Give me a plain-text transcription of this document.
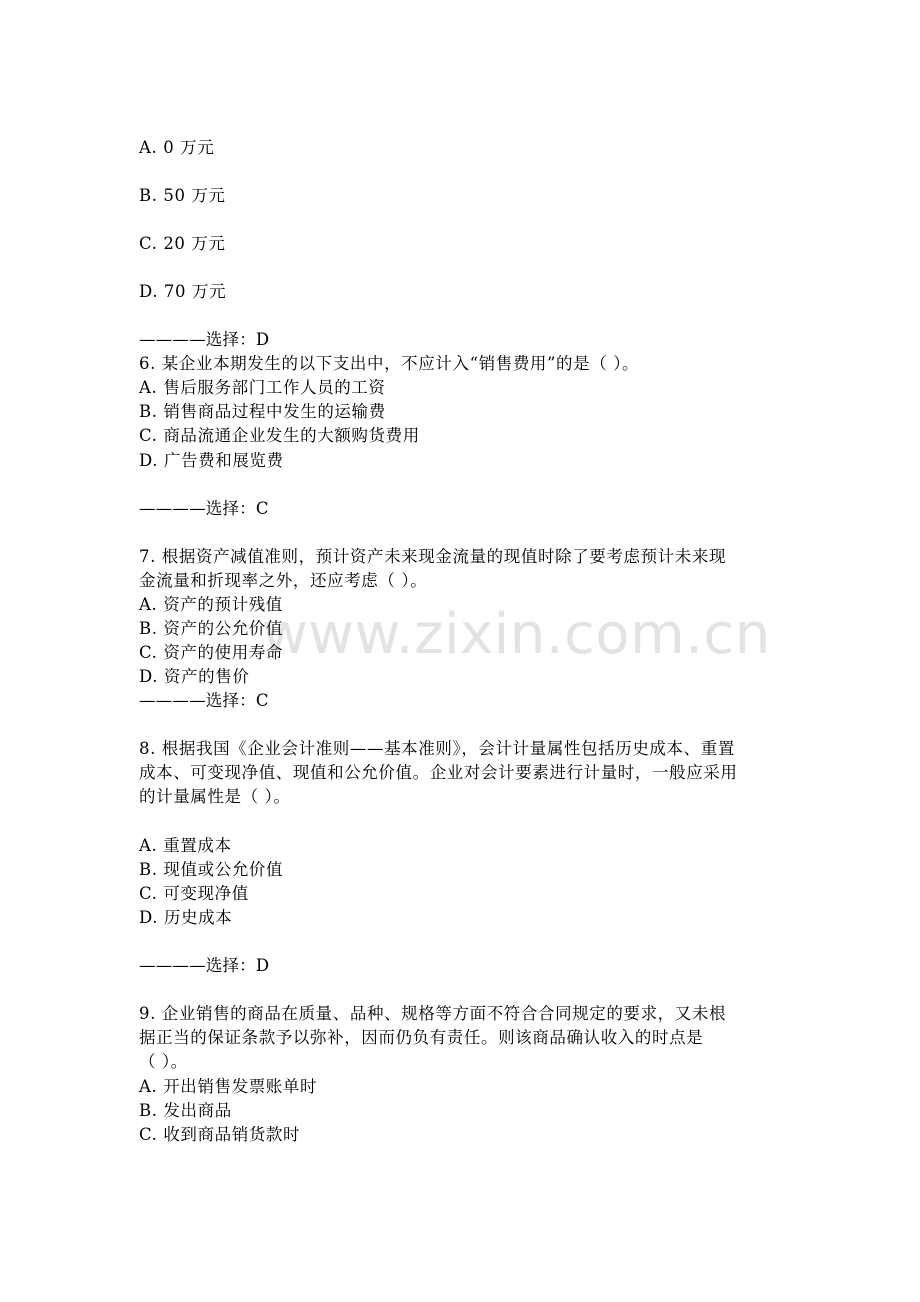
www.zixin.com.cn
A. 0 万元
B. 50 万元
C. 20 万元
D. 70 万元
————选择：D
6. 某企业本期发生的以下支出中，不应计入“销售费用”的是（ ）。
A. 售后服务部门工作人员的工资
B. 销售商品过程中发生的运输费
C. 商品流通企业发生的大额购货费用
D. 广告费和展览费
————选择：C
7. 根据资产减值准则，预计资产未来现金流量的现值时除了要考虑预计未来现
金流量和折现率之外，还应考虑（ ）。
A. 资产的预计残值
B. 资产的公允价值
C. 资产的使用寿命
D. 资产的售价
————选择：C
8. 根据我国《企业会计准则——基本准则》，会计计量属性包括历史成本、重置
成本、可变现净值、现值和公允价值。企业对会计要素进行计量时，一般应采用
的计量属性是（ ）。
A. 重置成本
B. 现值或公允价值
C. 可变现净值
D. 历史成本
————选择：D
9. 企业销售的商品在质量、品种、规格等方面不符合合同规定的要求，又未根
据正当的保证条款予以弥补，因而仍负有责任。则该商品确认收入的时点是
（ ）。
A. 开出销售发票账单时
B. 发出商品
C. 收到商品销货款时
